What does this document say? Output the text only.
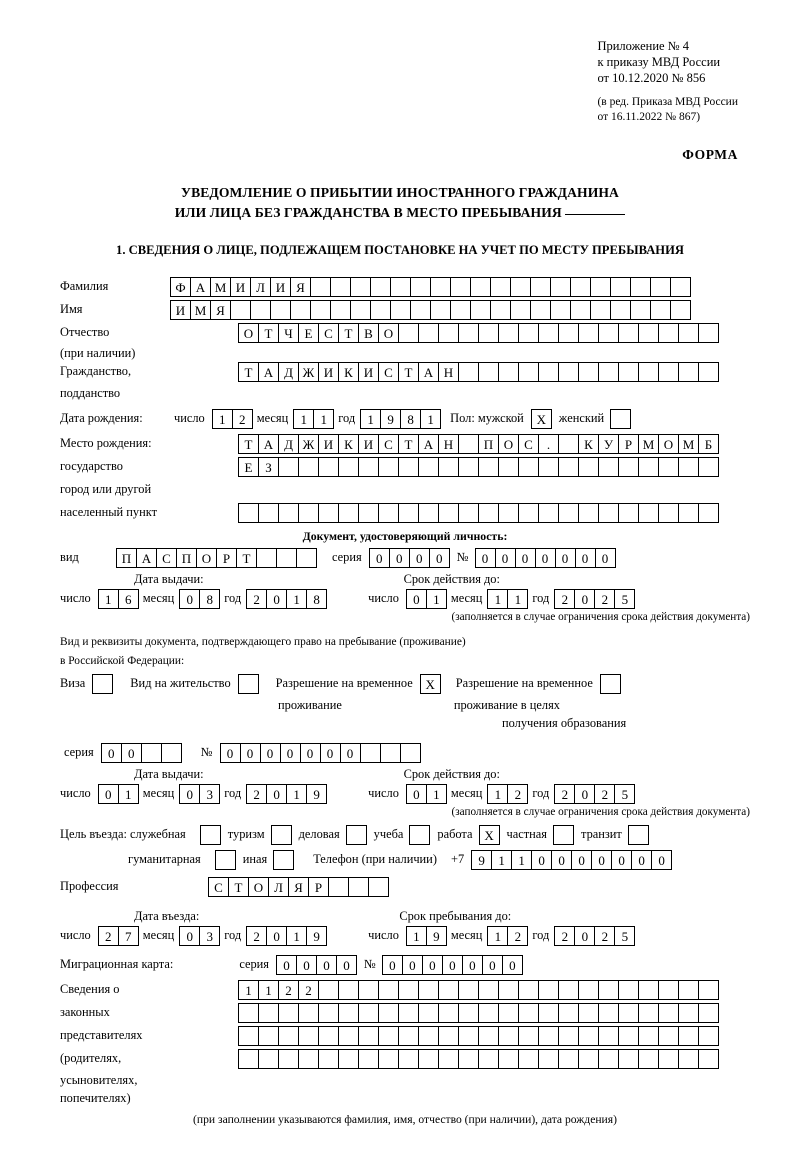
Приложение № 4
к приказу МВД России
от 10.12.2020 № 856
(в ред. Приказа МВД России
от 16.11.2022 № 867)
ФОРМА
УВЕДОМЛЕНИЕ О ПРИБЫТИИ ИНОСТРАННОГО ГРАЖДАНИНА
ИЛИ ЛИЦА БЕЗ ГРАЖДАНСТВА В МЕСТО ПРЕБЫВАНИЯ
1. СВЕДЕНИЯ О ЛИЦЕ, ПОДЛЕЖАЩЕМ ПОСТАНОВКЕ НА УЧЕТ ПО МЕСТУ ПРЕБЫВАНИЯ
Фамилия	Ф А М И Л И Я
Имя	И М Я
Отчество	О Т Ч Е С Т В О
(при наличии)
Гражданство,	Т А Д Ж И К И С Т А Н
подданство
Дата рождения:	число	1	2 месяц 1	1 год 1	9	8	1	Пол: мужской Х	женский
Место рождения:	Т А Д Ж И К И С Т А Н	П О С	.	К У Р М О М Б
государство	Е З
город или другой
населенный пункт
Документ, удостоверяющий личность:
вид	П А С П О Р Т	серия	0	0	0	0	№	0	0	0	0	0	0	0
Дата выдачи:	Срок действия до:
число	1	6 месяц 0	8 год 2	0	1	8	число	0	1 месяц 1	1 год 2	0	2	5
(заполняется в случае ограничения срока действия документа)
Вид и реквизиты документа, подтверждающего право на пребывание (проживание)
в Российской Федерации:
Виза	Вид на жительство	Разрешение на временное Х	Разрешение на временное
проживание	проживание в целях
получения образования
серия	0	0	№	0	0	0	0	0	0	0
Дата выдачи:	Срок действия до:
число	0	1 месяц 0	3 год 2	0	1	9	число	0	1 месяц 1	2 год 2	0	2	5
(заполняется в случае ограничения срока действия документа)
Цель въезда: служебная	туризм	деловая	учеба	работа Х	частная	транзит
гуманитарная	иная	Телефон (при наличии) +7	9	1	1	0	0	0	0	0	0	0
Профессия	С Т О Л Я Р
Дата въезда:	Срок пребывания до:
число	2	7 месяц 0	3 год 2	0	1	9	число	1	9 месяц 1	2 год 2	0	2	5
Миграционная карта:	серия	0	0	0	0	№	0	0	0	0	0	0	0
Сведения о	1	1	2	2
законных
представителях
(родителях,
усыновителях,
попечителях)
(при заполнении указываются фамилия, имя, отчество (при наличии), дата рождения)
